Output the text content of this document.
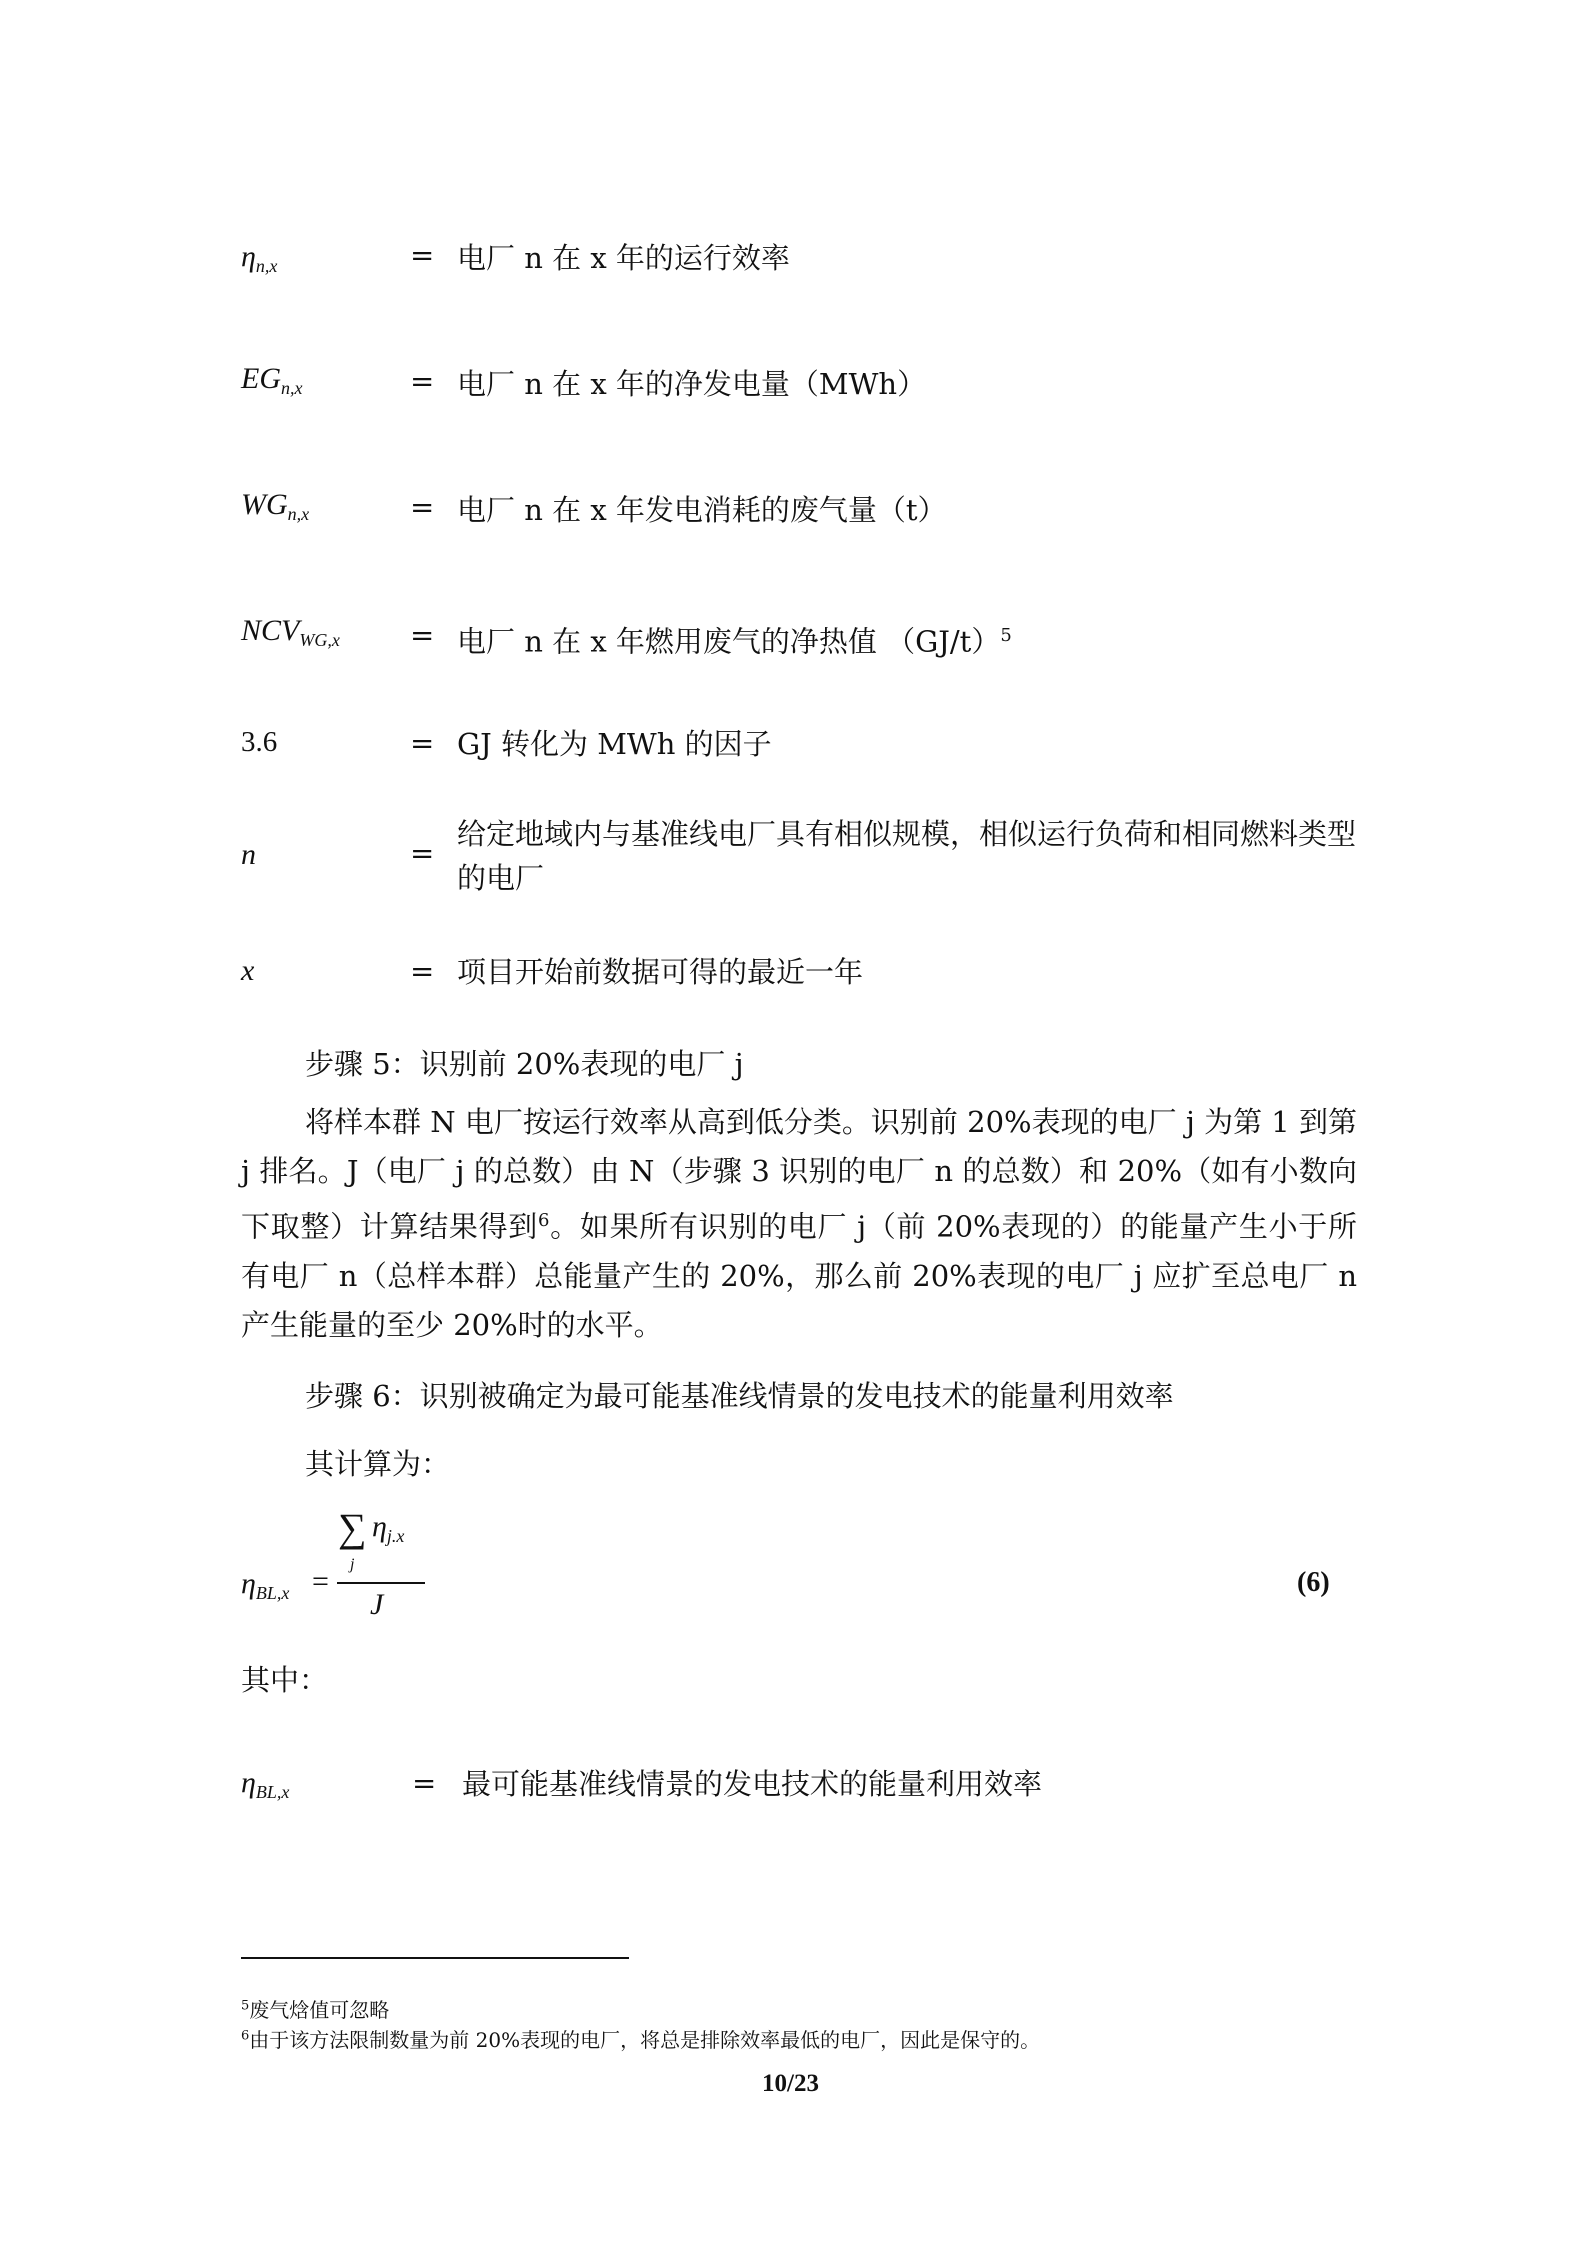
$\eta_{n,x}$	= 电厂 n 在 x 年的运行效率
$EG_{n,x}$	= 电厂 n 在 x 年的净发电量（MWh）
$WG_{n,x}$	= 电厂 n 在 x 年发电消耗的废气量（t）
$NCV_{WG,x}$ = 电厂 n 在 x 年燃用废气的净热值 $(GJ/t)^5$
3.6	= GJ 转化为 MWh 的因子
n	=
给定地域内与基准线电厂具有相似规模，相似运行负荷和相同燃料类型的电厂
x	= 项目开始前数据可得的最近一年
步骤 5：识别前 20%表现的电厂 j
将样本群 N 电厂按运行效率从高到低分类。识别前 20%表现的电厂 j 为第 1 到第 j 排名。J（电厂 j 的总数）由 N（步骤 3 识别的电厂 n 的总数）和 20%（如有小数向下取整）计算结果得到$^6$。如果所有识别的电厂 j（前 20%表现的）的能量产生小于所有电厂 n（总样本群）总能量产生的 20%，那么前 20%表现的电厂 j 应扩至总电厂 n 产生能量的至少 20%时的水平。
步骤 6：识别被确定为最可能基准线情景的发电技术的能量利用效率
其计算为：
$\eta_{BL,x}$ =
∑
j
$\eta_{j.x}$
J
(6)
其中：
$\eta_{BL,x}$	= 最可能基准线情景的发电技术的能量利用效率
$^5$废气焓值可忽略
$^6$由于该方法限制数量为前 20%表现的电厂，将总是排除效率最低的电厂，因此是保守的。
10/23
